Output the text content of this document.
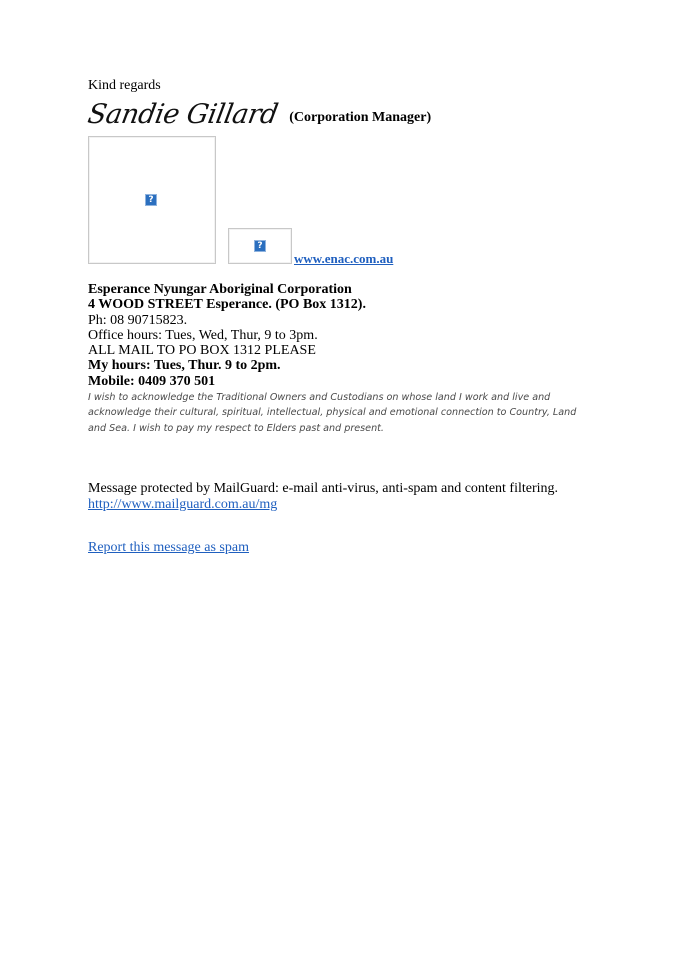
Kind regards
Sandie Gillard (Corporation Manager)
?
?
www.enac.com.au
Esperance Nyungar Aboriginal Corporation
4 WOOD STREET Esperance. (PO Box 1312).
Ph: 08 90715823.
Office hours: Tues, Wed, Thur, 9 to 3pm.
ALL MAIL TO PO BOX 1312 PLEASE
My hours: Tues, Thur. 9 to 2pm.
Mobile: 0409 370 501
I wish to acknowledge the Traditional Owners and Custodians on whose land I work and live and acknowledge their cultural, spiritual, intellectual, physical and emotional connection to Country, Land and Sea. I wish to pay my respect to Elders past and present.
Message protected by MailGuard: e-mail anti-virus, anti-spam and content filtering.
http://www.mailguard.com.au/mg
Report this message as spam
